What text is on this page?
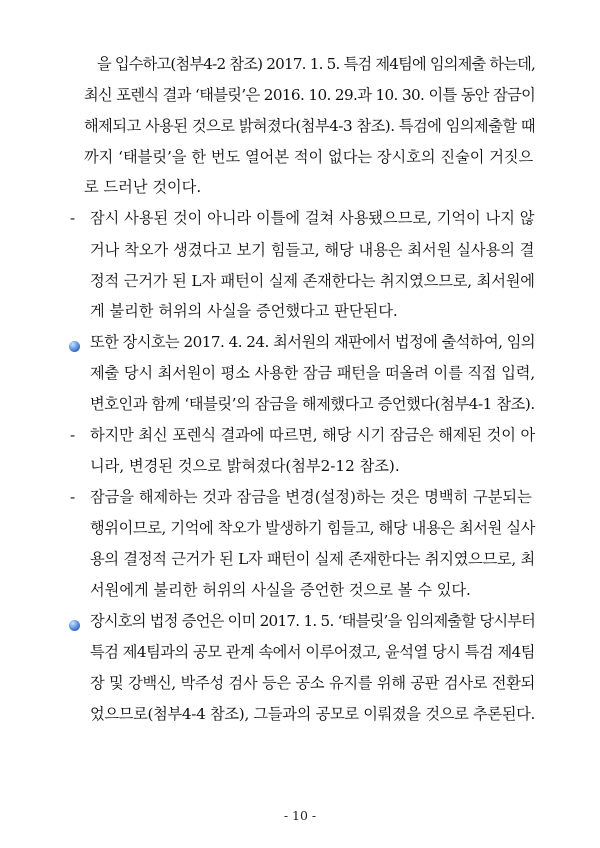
을 입수하고(첨부4-2 참조) 2017. 1. 5. 특검 제4팀에 임의제출 하는데,
최신 포렌식 결과 ‘태블릿’은 2016. 10. 29.과 10. 30. 이틀 동안 잠금이
해제되고 사용된 것으로 밝혀졌다(첨부4-3 참조). 특검에 임의제출할 때
까지 ‘태블릿’을 한 번도 열어본 적이 없다는 장시호의 진술이 거짓으
로 드러난 것이다.
- 잠시 사용된 것이 아니라 이틀에 걸쳐 사용됐으므로, 기억이 나지 않
거나 착오가 생겼다고 보기 힘들고, 해당 내용은 최서원 실사용의 결
정적 근거가 된 L자 패턴이 실제 존재한다는 취지였으므로, 최서원에
게 불리한 허위의 사실을 증언했다고 판단된다.
또한 장시호는 2017. 4. 24. 최서원의 재판에서 법정에 출석하여, 임의
제출 당시 최서원이 평소 사용한 잠금 패턴을 떠올려 이를 직접 입력,
변호인과 함께 ‘태블릿’의 잠금을 해제했다고 증언했다(첨부4-1 참조).
- 하지만 최신 포렌식 결과에 따르면, 해당 시기 잠금은 해제된 것이 아
니라, 변경된 것으로 밝혀졌다(첨부2-12 참조).
- 잠금을 해제하는 것과 잠금을 변경(설정)하는 것은 명백히 구분되는
행위이므로, 기억에 착오가 발생하기 힘들고, 해당 내용은 최서원 실사
용의 결정적 근거가 된 L자 패턴이 실제 존재한다는 취지였으므로, 최
서원에게 불리한 허위의 사실을 증언한 것으로 볼 수 있다.
장시호의 법정 증언은 이미 2017. 1. 5. ‘태블릿’을 임의제출할 당시부터
특검 제4팀과의 공모 관계 속에서 이루어졌고, 윤석열 당시 특검 제4팀
장 및 강백신, 박주성 검사 등은 공소 유지를 위해 공판 검사로 전환되
었으므로(첨부4-4 참조), 그들과의 공모로 이뤄졌을 것으로 추론된다.
- 10 -
